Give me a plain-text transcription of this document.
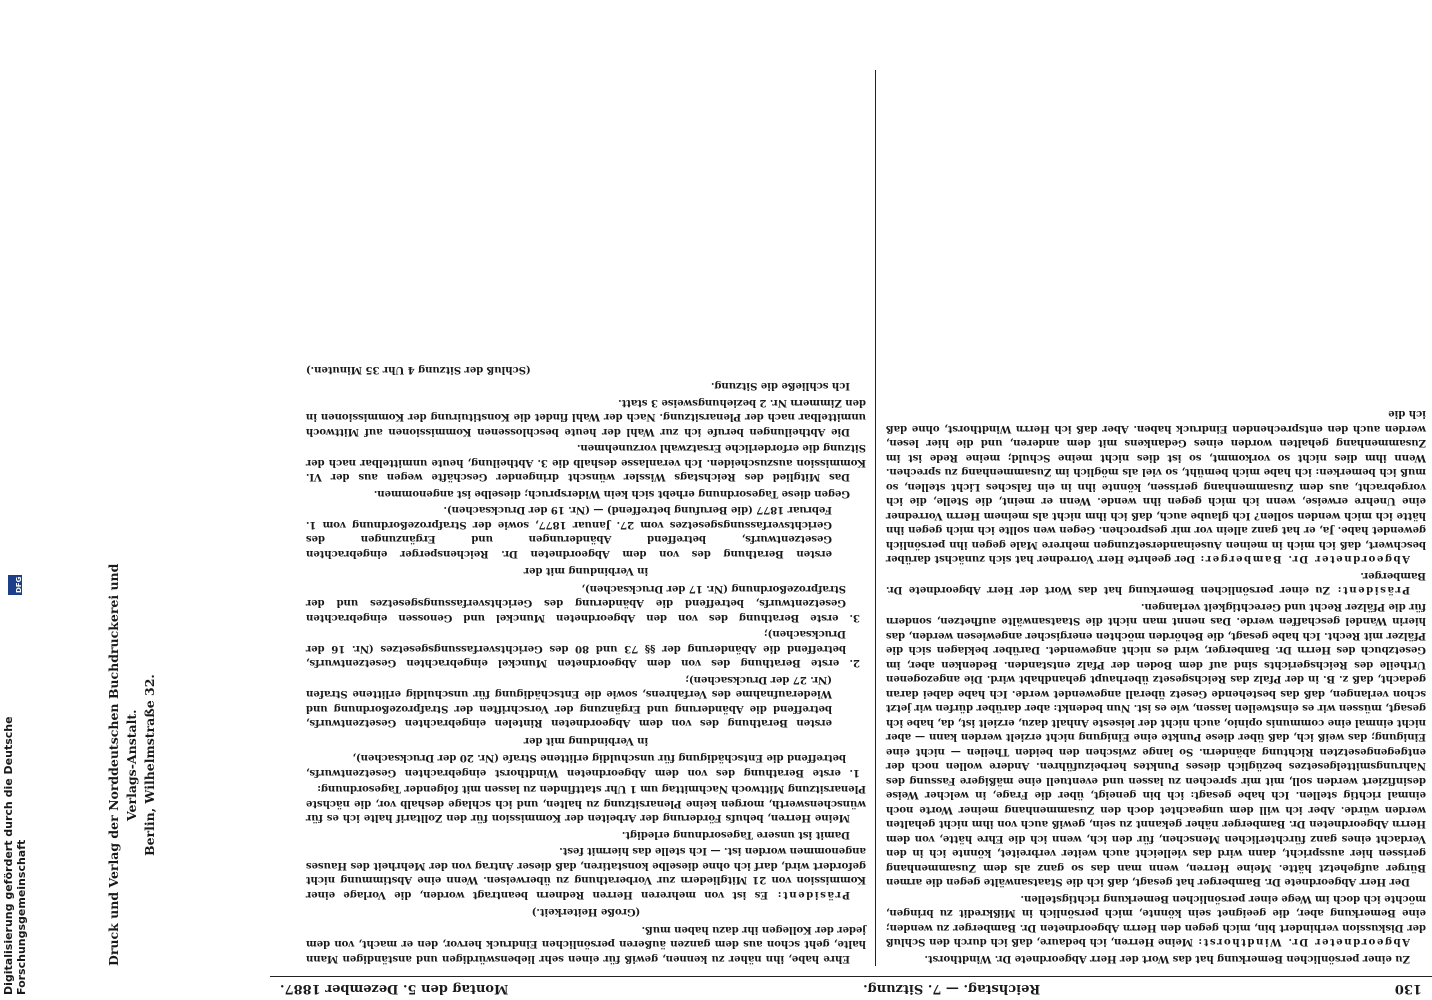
130
Reichstag. — 7. Sitzung.
Montag den 5. Dezember 1887.

Zu einer persönlichen Bemerkung hat das Wort der Herr Abgeordnete Dr. Windthorst.

Abgeordneter Dr. Windthorst: Meine Herren, ich bedaure, daß ich durch den Schluß der Diskussion verhindert bin, mich gegen den Herrn Abgeordneten Dr. Bamberger zu wenden; eine Bemerkung aber, die geeignet sein könnte, mich persönlich in Mißkredit zu bringen, möchte ich doch im Wege einer persönlichen Bemerkung richtigstellen.

Der Herr Abgeordnete Dr. Bamberger hat gesagt, daß ich die Staatsanwälte gegen die armen Bürger aufgehetzt hätte. Meine Herren, wenn man das so ganz als dem Zusammenhang gerissen hier ausspricht, dann wird das vielleicht auch weiter verbreitet, könnte ich in den Verdacht eines ganz fürchterlichen Menschen, für den ich, wenn ich die Ehre hätte, von dem Herrn Abgeordneten Dr. Bamberger näher gekannt zu sein, gewiß auch von ihm nicht gehalten werden würde. Aber ich will dem ungeachtet doch den Zusammenhang meiner Worte noch einmal richtig stellen. Ich habe gesagt: ich bin geneigt, über die Frage, in welcher Weise desinfiziert werden soll, mit mir sprechen zu lassen und eventuell eine mäßigere Fassung des Nahrungsmittelgesetzes bezüglich dieses Punktes herbeizuführen. Andere wollen noch der entgegengesetzten Richtung abändern. So lange zwischen den beiden Theilen — nicht eine Einigung; das weiß ich, daß über diese Punkte eine Einigung nicht erzielt werden kann — aber nicht einmal eine communis opinio, auch nicht der leiseste Anhalt dazu, erzielt ist, da, habe ich gesagt, müssen wir es einstweilen lassen, wie es ist. Nun bedenkt: aber darüber dürfen wir jetzt schon verlangen, daß das bestehende Gesetz überall angewendet werde. Ich habe dabei daran gedacht, daß z. B. in der Pfalz das Reichsgesetz überhaupt gehandhabt wird. Die angezogenen Urtheile des Reichsgerichts sind auf dem Boden der Pfalz entstanden. Bedenken aber, im Gesetzbuch des Herrn Dr. Bamberger, wird es nicht angewendet. Darüber beklagen sich die Pfälzer mit Recht. Ich habe gesagt, die Behörden möchten energischer angewiesen werden, das hierin Wandel geschaffen werde. Das nennt man nicht die Staatsanwälte aufhetzen, sondern für die Pfälzer Recht und Gerechtigkeit verlangen.

Präsident: Zu einer persönlichen Bemerkung hat das Wort der Herr Abgeordnete Dr. Bamberger.

Abgeordneter Dr. Bamberger: Der geehrte Herr Vorredner hat sich zunächst darüber beschwert, daß ich mich in meinen Auseinandersetzungen mehrere Male gegen ihn persönlich gewendet habe. Ja, er hat ganz allein vor mir gesprochen. Gegen wen sollte ich mich gegen ihn hätte ich mich wenden sollen? Ich glaube auch, daß ich ihm nicht als meinem Herrn Vorredner eine Unehre erweise, wenn ich mich gegen ihn wende. Wenn er meint, die Stelle, die ich vorgebracht, aus dem Zusammenhang gerissen, könnte ihn in ein falsches Licht stellen, so muß ich bemerken: ich habe mich bemüht, so viel als möglich im Zusammenhang zu sprechen. Wenn ihm dies nicht so vorkommt, so ist dies nicht meine Schuld; meine Rede ist im Zusammenhang gehalten worden eines Gedankens mit dem anderen, und die hier lesen, werden auch den entsprechenden Eindruck haben. Aber daß ich Herrn Windthorst, ohne daß ich die

Ehre habe, ihn näher zu kennen, gewiß für einen sehr liebenswürdigen und anständigen Mann halte, geht schon aus dem ganzen äußeren persönlichen Eindruck hervor, den er macht, von dem jeder der Kollegen ihr dazu haben muß.

(Große Heiterkeit.)

Präsident: Es ist von mehreren Herren Rednern beantragt worden, die Vorlage einer Kommission von 21 Mitgliedern zur Vorberathung zu überweisen. Wenn eine Abstimmung nicht gefordert wird, darf ich ohne dieselbe konstatiren, daß dieser Antrag von der Mehrheit des Hauses angenommen worden ist. — Ich stelle das hiermit fest.

Damit ist unsere Tagesordnung erledigt.

Meine Herren, behufs Förderung der Arbeiten der Kommission für den Zolltarif halte ich es für wünschenswerth, morgen keine Plenarsitzung zu halten, und ich schlage deshalb vor, die nächste Plenarsitzung Mittwoch Nachmittag um 1 Uhr stattfinden zu lassen mit folgender Tagesordnung:

1. erste Berathung des von dem Abgeordneten Windthorst eingebrachten Gesetzentwurfs, betreffend die Entschädigung für unschuldig erlittene Strafe (Nr. 20 der Drucksachen),

in Verbindung mit der

ersten Berathung des von dem Abgeordneten Rintelen eingebrachten Gesetzentwurfs, betreffend die Abänderung und Ergänzung der Vorschriften der Strafprozeßordnung und Wiederaufnahme des Verfahrens, sowie die Entschädigung für unschuldig erlittene Strafen (Nr. 27 der Drucksachen);

2. erste Berathung des von dem Abgeordneten Munckel eingebrachten Gesetzentwurfs, betreffend die Abänderung der §§ 73 und 80 des Gerichtsverfassungsgesetzes (Nr. 16 der Drucksachen);

3. erste Berathung des von den Abgeordneten Munckel und Genossen eingebrachten Gesetzentwurfs, betreffend die Abänderung des Gerichtsverfassungsgesetzes und der Strafprozeßordnung (Nr. 17 der Drucksachen),

in Verbindung mit der

ersten Berathung des von dem Abgeordneten Dr. Reichensperger eingebrachten Gesetzentwurfs, betreffend Abänderungen und Ergänzungen des Gerichtsverfassungsgesetzes vom 27. Januar 1877, sowie der Strafprozeßordnung vom 1. Februar 1877 (die Berufung betreffend) — (Nr. 19 der Drucksachen).

Gegen diese Tagesordnung erhebt sich kein Widerspruch; dieselbe ist angenommen.

Das Mitglied des Reichstags Wissler wünscht dringender Geschäfte wegen aus der VI. Kommission auszuscheiden. Ich veranlasse deshalb die 3. Abtheilung, heute unmittelbar nach der Sitzung die erforderliche Ersatzwahl vorzunehmen.

Die Abtheilungen berufe ich zur Wahl der heute beschlossenen Kommissionen auf Mittwoch unmittelbar nach der Plenarsitzung. Nach der Wahl findet die Konstituirung der Kommissionen in den Zimmern Nr. 2 beziehungsweise 3 statt.

Ich schließe die Sitzung.

(Schluß der Sitzung 4 Uhr 35 Minuten.)

Druck und Verlag der Norddeutschen Buchdruckerei und Verlags-Anstalt. Berlin, Wilhelmstraße 32.
Digitalisierung gefördert durch die Deutsche Forschungsgemeinschaft
DFG
